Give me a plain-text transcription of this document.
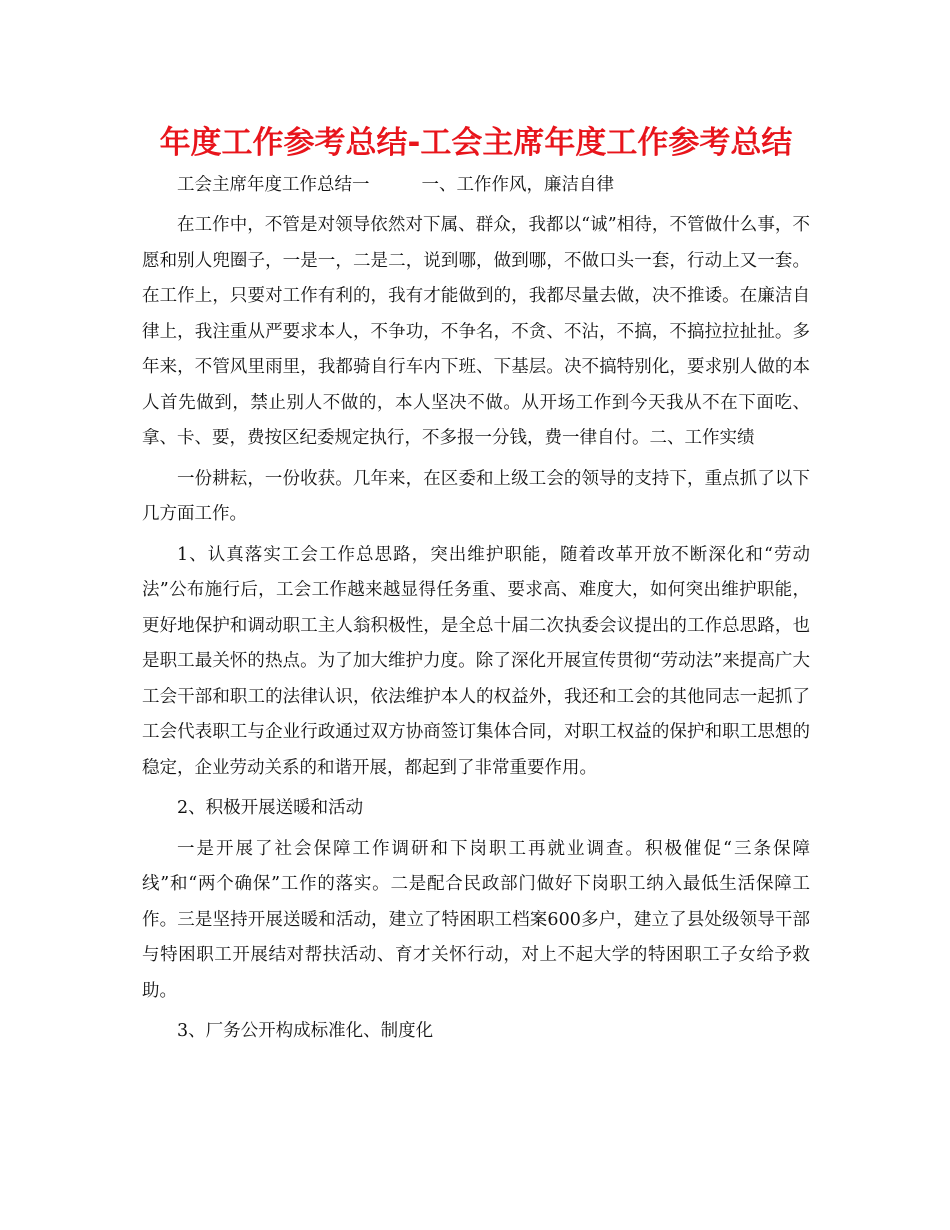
年度工作参考总结-工会主席年度工作参考总结
工会主席年度工作总结一	一、工作作风，廉洁自律

在工作中，不管是对领导依然对下属、群众，我都以“诚”相待，不管做什么事，不愿和别人兜圈子，一是一，二是二，说到哪，做到哪，不做口头一套，行动上又一套。在工作上，只要对工作有利的，我有才能做到的，我都尽量去做，决不推诿。在廉洁自律上，我注重从严要求本人，不争功，不争名，不贪、不沾，不搞，不搞拉拉扯扯。多年来，不管风里雨里，我都骑自行车内下班、下基层。决不搞特别化，要求别人做的本人首先做到，禁止别人不做的，本人坚决不做。从开场工作到今天我从不在下面吃、拿、卡、要，费按区纪委规定执行，不多报一分钱，费一律自付。二、工作实绩

一份耕耘，一份收获。几年来，在区委和上级工会的领导的支持下，重点抓了以下几方面工作。

1、认真落实工会工作总思路，突出维护职能，随着改革开放不断深化和“劳动法”公布施行后，工会工作越来越显得任务重、要求高、难度大，如何突出维护职能，更好地保护和调动职工主人翁积极性，是全总十届二次执委会议提出的工作总思路，也是职工最关怀的热点。为了加大维护力度。除了深化开展宣传贯彻“劳动法”来提高广大工会干部和职工的法律认识，依法维护本人的权益外，我还和工会的其他同志一起抓了工会代表职工与企业行政通过双方协商签订集体合同，对职工权益的保护和职工思想的稳定，企业劳动关系的和谐开展，都起到了非常重要作用。

2、积极开展送暖和活动

一是开展了社会保障工作调研和下岗职工再就业调查。积极催促“三条保障线”和“两个确保”工作的落实。二是配合民政部门做好下岗职工纳入最低生活保障工作。三是坚持开展送暖和活动，建立了特困职工档案600多户，建立了县处级领导干部与特困职工开展结对帮扶活动、育才关怀行动，对上不起大学的特困职工子女给予救助。

3、厂务公开构成标准化、制度化
